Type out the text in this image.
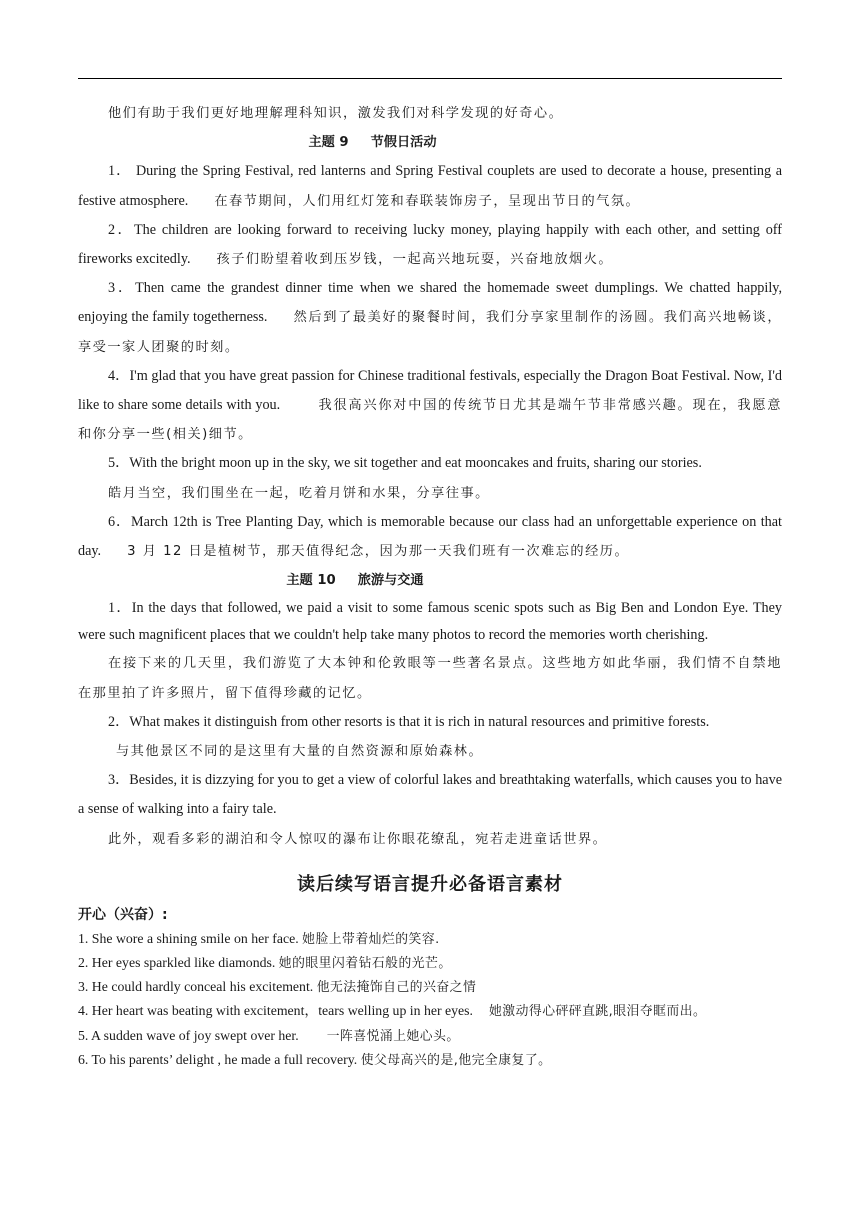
他们有助于我们更好地理解理科知识，激发我们对科学发现的好奇心。

主题 9 节假日活动

1． During the Spring Festival, red lanterns and Spring Festival couplets are used to decorate a house, presenting a festive atmosphere. 在春节期间，人们用红灯笼和春联装饰房子，呈现出节日的气氛。

2．The children are looking forward to receiving lucky money, playing happily with each other, and setting off fireworks excitedly. 孩子们盼望着收到压岁钱，一起高兴地玩耍，兴奋地放烟火。

3．Then came the grandest dinner time when we shared the homemade sweet dumplings. We chatted happily, enjoying the family togetherness. 然后到了最美好的聚餐时间，我们分享家里制作的汤圆。我们高兴地畅谈，享受一家人团聚的时刻。

4．I'm glad that you have great passion for Chinese traditional festivals, especially the Dragon Boat Festival. Now, I'd like to share some details with you.	我很高兴你对中国的传统节日尤其是端午节非常感兴趣。现在，我愿意和你分享一些(相关)细节。

5．With the bright moon up in the sky, we sit together and eat mooncakes and fruits, sharing our stories.

皓月当空，我们围坐在一起，吃着月饼和水果，分享往事。

6．March 12th is Tree Planting Day, which is memorable because our class had an unforgettable experience on that day. 3 月 12 日是植树节，那天值得纪念，因为那一天我们班有一次难忘的经历。

主题 10 旅游与交通

1．In the days that followed, we paid a visit to some famous scenic spots such as Big Ben and London Eye. They were such magnificent places that we couldn't help take many photos to record the memories worth cherishing.

在接下来的几天里，我们游览了大本钟和伦敦眼等一些著名景点。这些地方如此华丽，我们情不自禁地在那里拍了许多照片，留下值得珍藏的记忆。

2．What makes it distinguish from other resorts is that it is rich in natural resources and primitive forests.

与其他景区不同的是这里有大量的自然资源和原始森林。

3．Besides, it is dizzying for you to get a view of colorful lakes and breathtaking waterfalls, which causes you to have a sense of walking into a fairy tale.

此外，观看多彩的湖泊和令人惊叹的瀑布让你眼花缭乱，宛若走进童话世界。

读后续写语言提升必备语言素材

开心（兴奋）:

1. She wore a shining smile on her face. 她脸上带着灿烂的笑容.

2. Her eyes sparkled like diamonds. 她的眼里闪着钻石般的光芒。

3. He could hardly conceal his excitement. 他无法掩饰自己的兴奋之情

4. Her heart was beating with excitement，tears welling up in her eyes. 她激动得心砰砰直跳,眼泪夺眶而出。

5. A sudden wave of joy swept over her. 一阵喜悦涌上她心头。

6. To his parents’ delight , he made a full recovery. 使父母高兴的是,他完全康复了。
